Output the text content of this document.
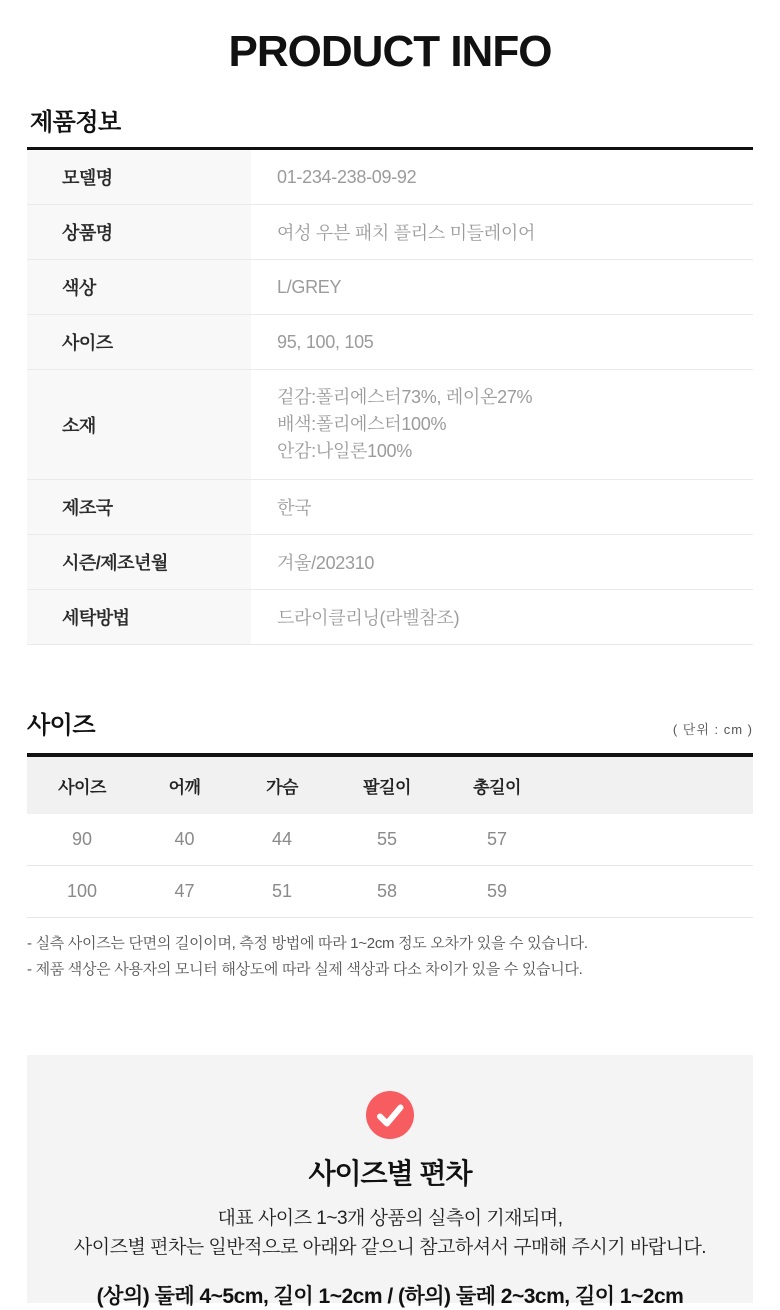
PRODUCT INFO
제품정보
모델명	01-234-238-09-92
상품명	여성 우븐 패치 플리스 미들레이어
색상	L/GREY
사이즈	95, 100, 105
소재	겉감:폴리에스터73%, 레이온27%
배색:폴리에스터100%
안감:나일론100%

제조국	한국
시즌/제조년월	겨울/202310
세탁방법	드라이클리닝(라벨참조)
사이즈	( 단위 : cm )
사이즈	어깨	가슴	팔길이	총길이	
90	40	44	55	57	
100	47	51	58	59	
- 실측 사이즈는 단면의 길이이며, 측정 방법에 따라 1~2cm 정도 오차가 있을 수 있습니다.
- 제품 색상은 사용자의 모니터 해상도에 따라 실제 색상과 다소 차이가 있을 수 있습니다.
사이즈별 편차
대표 사이즈 1~3개 상품의 실측이 기재되며,
사이즈별 편차는 일반적으로 아래와 같으니 참고하셔서 구매해 주시기 바랍니다.
(상의) 둘레 4~5cm, 길이 1~2cm / (하의) 둘레 2~3cm, 길이 1~2cm
